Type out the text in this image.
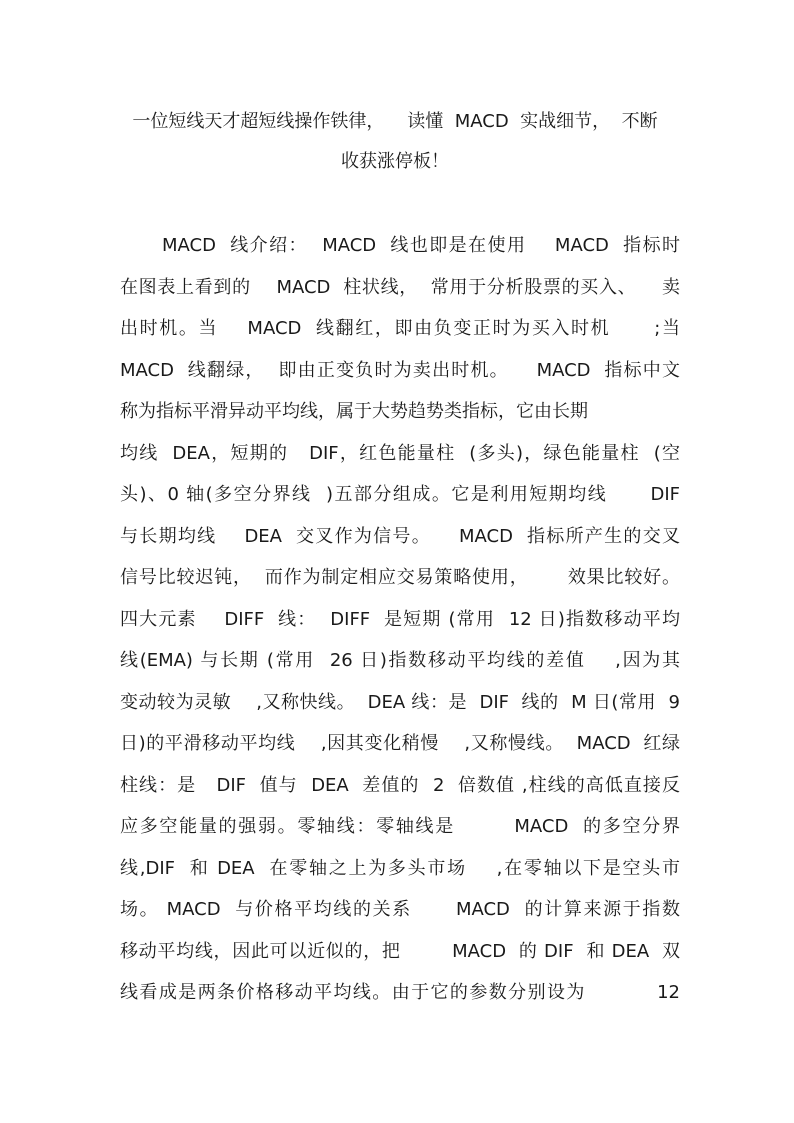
一位短线天才超短线操作铁律，    读懂  MACD  实战细节，  不断
收获涨停板！
MACD  线介绍：  MACD  线也即是在使用    MACD  指标时
在图表上看到的    MACD  柱状线，  常用于分析股票的买入、    卖
出时机。当    MACD  线翻红，即由负变正时为买入时机      ;当
MACD  线翻绿，  即由正变负时为卖出时机。    MACD  指标中文
称为指标平滑异动平均线，属于大势趋势类指标，它由长期
均线  DEA，短期的   DIF，红色能量柱  (多头)，绿色能量柱  (空
头)、0 轴(多空分界线  )五部分组成。它是利用短期均线      DIF
与长期均线    DEA  交叉作为信号。    MACD  指标所产生的交叉
信号比较迟钝，  而作为制定相应交易策略使用，      效果比较好。
四大元素    DIFF  线：  DIFF  是短期 (常用  12 日)指数移动平均
线(EMA) 与长期 (常用  26 日)指数移动平均线的差值    ,因为其
变动较为灵敏    ,又称快线。  DEA 线：是  DIF  线的  M 日(常用  9
日)的平滑移动平均线    ,因其变化稍慢    ,又称慢线。  MACD  红绿
柱线：是   DIF  值与  DEA  差值的  2  倍数值 ,柱线的高低直接反
应多空能量的强弱。零轴线：零轴线是        MACD  的多空分界
线,DIF  和 DEA  在零轴之上为多头市场    ,在零轴以下是空头市
场。 MACD  与价格平均线的关系      MACD  的计算来源于指数
移动平均线，因此可以近似的，把        MACD  的 DIF  和 DEA  双
线看成是两条价格移动平均线。由于它的参数分别设为          12
